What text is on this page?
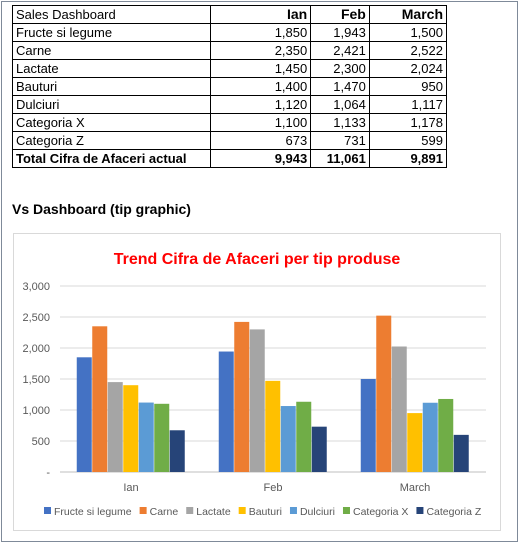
Sales Dashboard	Ian	Feb	March
Fructe si legume	1,850	1,943	1,500
Carne	2,350	2,421	2,522
Lactate	1,450	2,300	2,024
Bauturi	1,400	1,470	950
Dulciuri	1,120	1,064	1,117
Categoria X	1,100	1,133	1,178
Categoria Z	673	731	599
Total Cifra de Afaceri actual	9,943	11,061	9,891
Vs Dashboard (tip graphic)
Trend Cifra de Afaceri per tip produse
-
500
1,000
1,500
2,000
2,500
3,000
Ian	Feb	March
Fructe si legume Carne Lactate Bauturi Dulciuri Categoria X Categoria Z
